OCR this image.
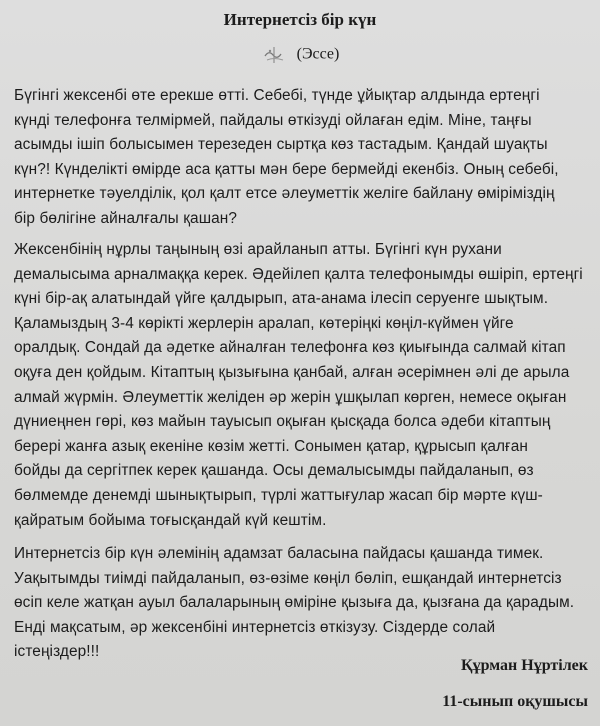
Интернетсіз бір күн
(Эссе)
Бүгінгі жексенбі өте ерекше өтті. Себебі, түнде ұйықтар алдында ертеңгі
күнді телефонға телмірмей, пайдалы өткізуді ойлаған едім. Міне, таңғы
асымды ішіп болысымен терезеден сыртқа көз тастадым. Қандай шуақты
күн?! Күнделікті өмірде аса қатты мән бере бермейді екенбіз. Оның себебі,
интернетке тәуелділік, қол қалт етсе әлеуметтік желіге байлану өміріміздің
бір бөлігіне айналғалы қашан?
Жексенбінің нұрлы таңының өзі арайланып атты. Бүгінгі күн рухани
демалысыма арналмаққа керек. Әдейілеп қалта телефонымды өшіріп, ертеңгі
күні бір-ақ алатындай үйге қалдырып, ата-анама ілесіп серуенге шықтым.
Қаламыздың 3-4 көрікті жерлерін аралап, көтеріңкі көңіл-күймен үйге
оралдық. Сондай да әдетке айналған телефонға көз қиығында салмай кітап
оқуға ден қойдым. Кітаптың қызығына қанбай, алған әсерімнен әлі де арыла
алмай жүрмін. Әлеуметтік желіден әр жерін ұшқылап көрген, немесе оқыған
дүниеңнен гөрі, көз майын тауысып оқыған қысқада болса әдеби кітаптың
берері жанға азық екеніне көзім жетті. Сонымен қатар, құрысып қалған
бойды да сергітпек керек қашанда. Осы демалысымды пайдаланып, өз
бөлмемде денемді шынықтырып, түрлі жаттығулар жасап бір мәрте күш-
қайратым бойыма тоғысқандай күй кештім.
Интернетсіз бір күн әлемінің адамзат баласына пайдасы қашанда тимек.
Уақытымды тиімді пайдаланып, өз-өзіме көңіл бөліп, ешқандай интернетсіз
өсіп келе жатқан ауыл балаларының өміріне қызыға да, қызғана да қарадым.
Енді мақсатым, әр жексенбіні интернетсіз өткізузу. Сіздерде солай
істеңіздер!!!
Құрман Нұртілек
11-сынып оқушысы
